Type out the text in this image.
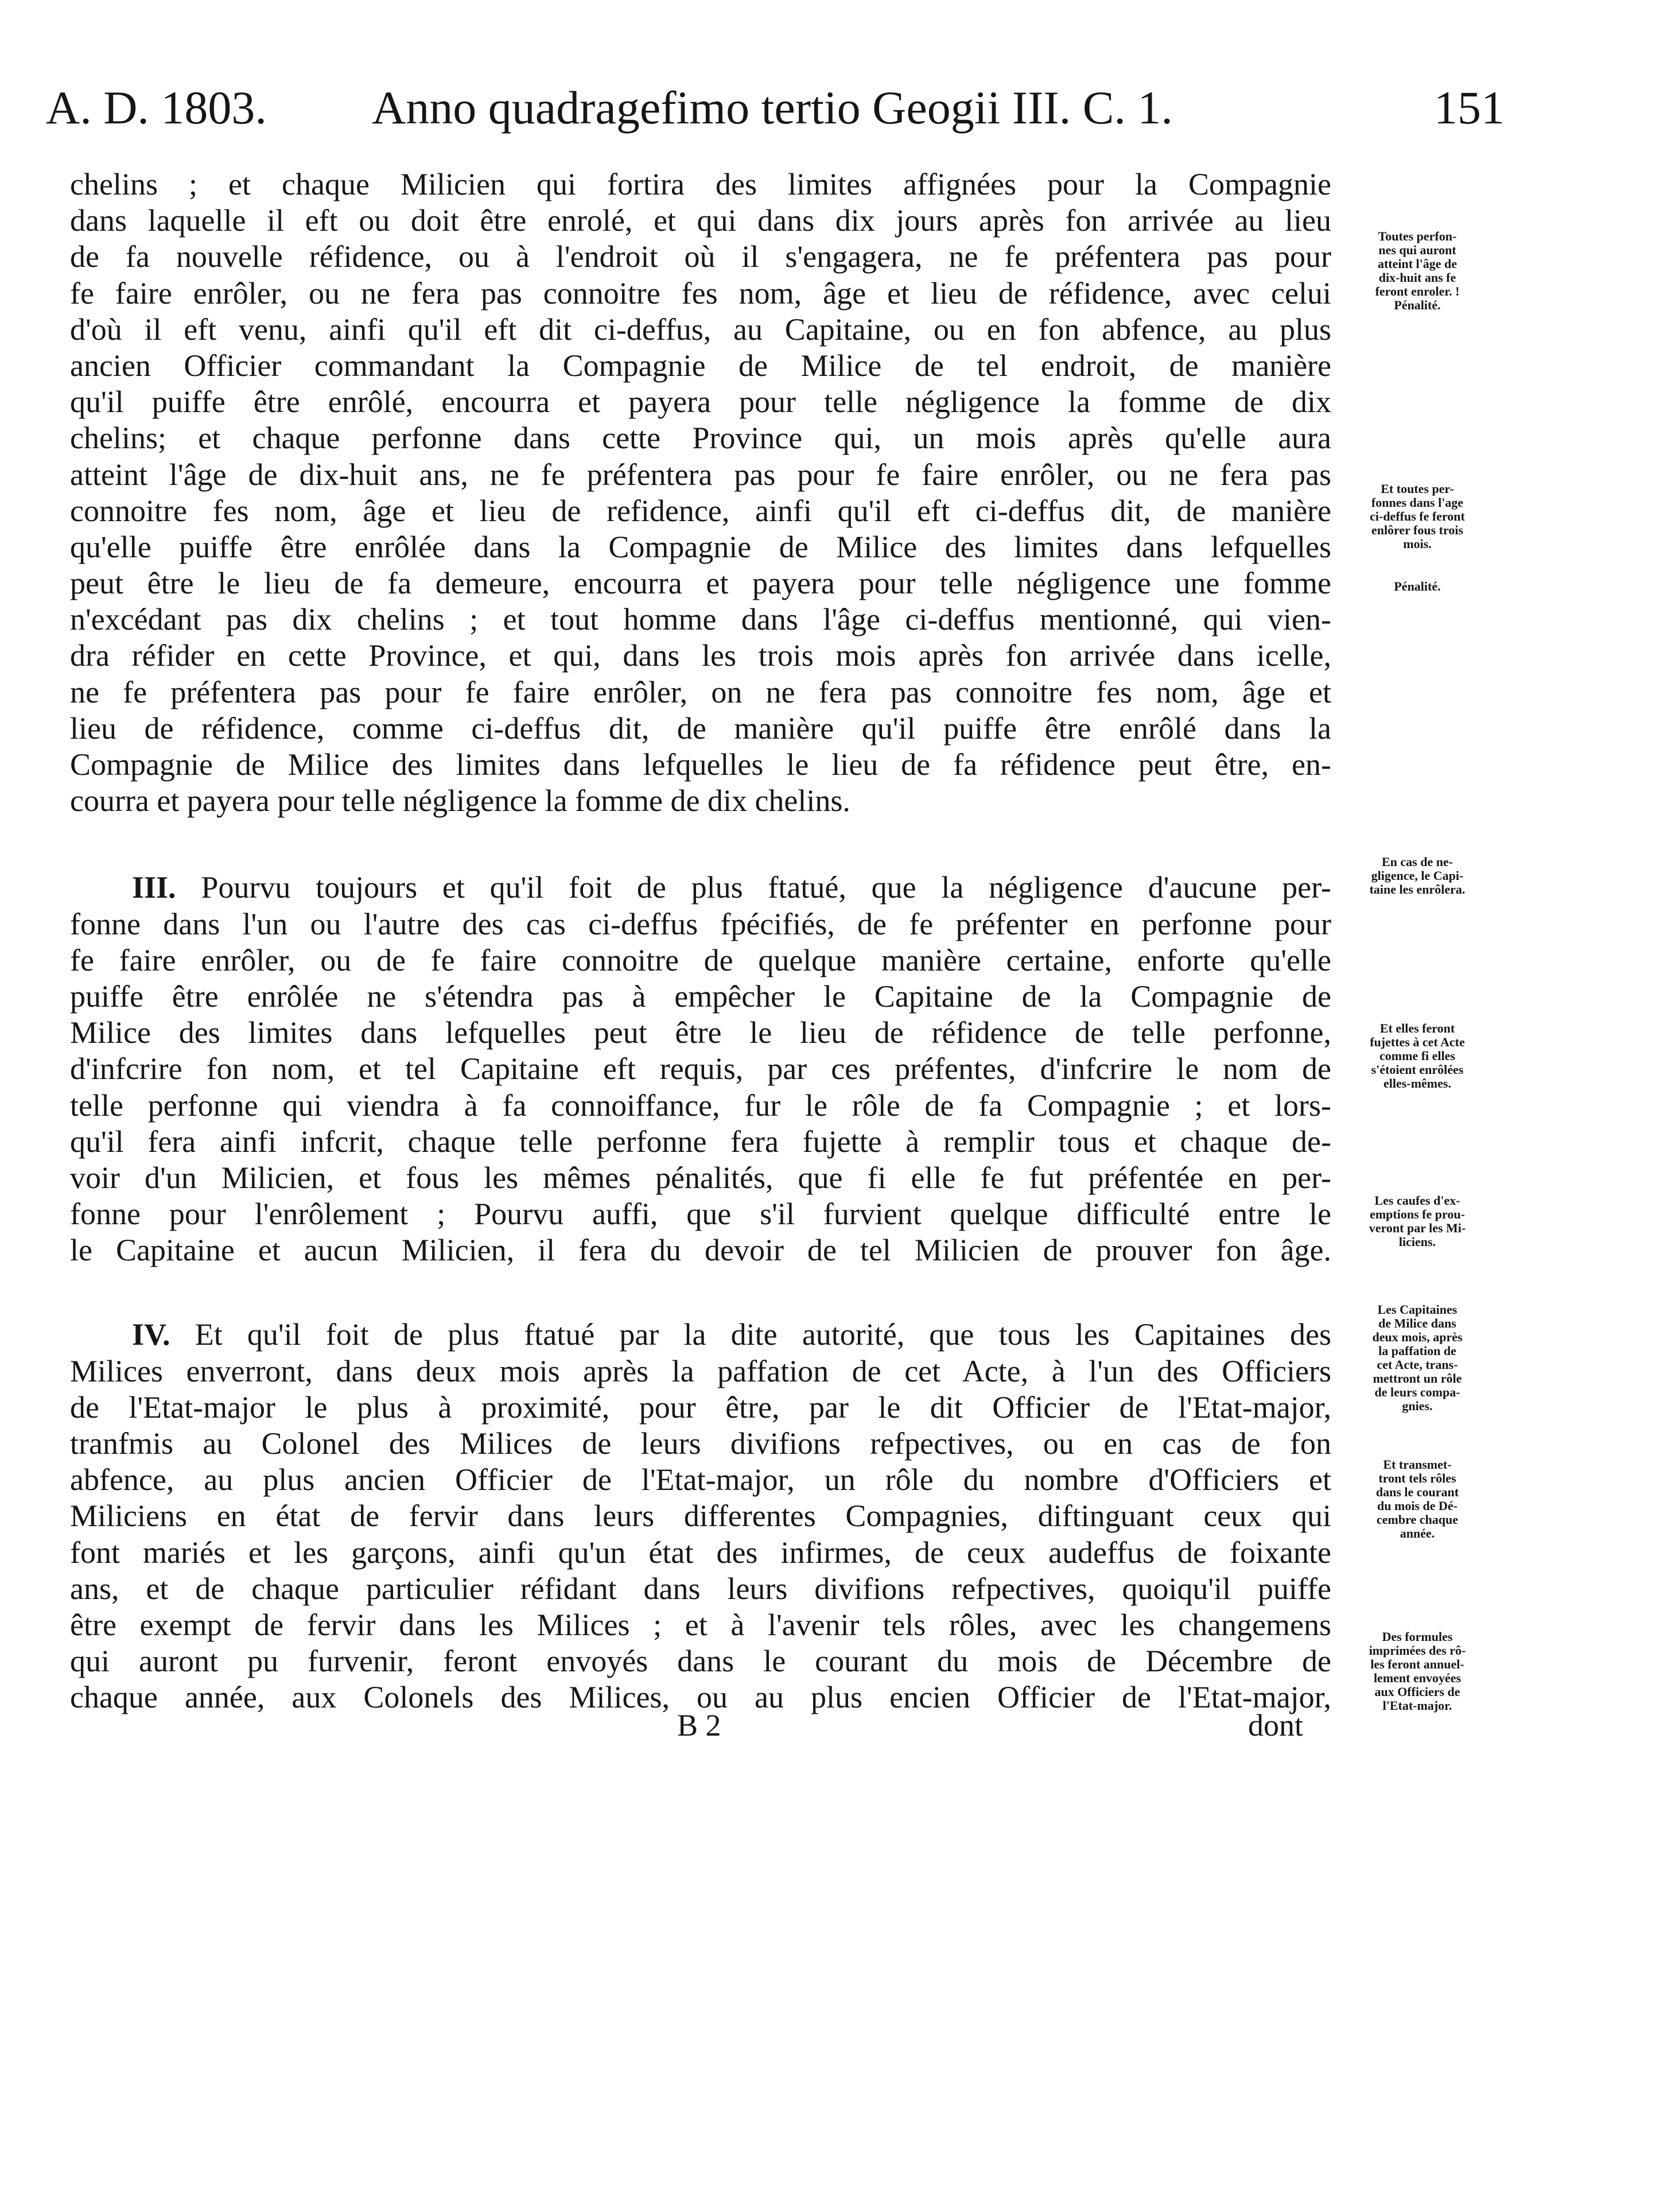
A. D. 1803. Anno quadragefimo tertio Geogii III. C. 1.	151
chelins ; et chaque Milicien qui fortira des limites affignées pour la Compagnie
dans laquelle il eft ou doit être enrolé, et qui dans dix jours après fon arrivée au lieu
de fa nouvelle réfidence, ou à l'endroit où il s'engagera, ne fe préfentera pas pour
fe faire enrôler, ou ne fera pas connoitre fes nom, âge et lieu de réfidence, avec celui
d'où il eft venu, ainfi qu'il eft dit ci-deffus, au Capitaine, ou en fon abfence, au plus
ancien Officier commandant la Compagnie de Milice de tel endroit, de manière
qu'il puiffe être enrôlé, encourra et payera pour telle négligence la fomme de dix
chelins; et chaque perfonne dans cette Province qui, un mois après qu'elle aura
atteint l'âge de dix-huit ans, ne fe préfentera pas pour fe faire enrôler, ou ne fera pas
connoitre fes nom, âge et lieu de refidence, ainfi qu'il eft ci-deffus dit, de manière
qu'elle puiffe être enrôlée dans la Compagnie de Milice des limites dans lefquelles
peut être le lieu de fa demeure, encourra et payera pour telle négligence une fomme
n'excédant pas dix chelins ; et tout homme dans l'âge ci-deffus mentionné, qui vien-
dra réfider en cette Province, et qui, dans les trois mois après fon arrivée dans icelle,
ne fe préfentera pas pour fe faire enrôler, on ne fera pas connoitre fes nom, âge et
lieu de réfidence, comme ci-deffus dit, de manière qu'il puiffe être enrôlé dans la
Compagnie de Milice des limites dans lefquelles le lieu de fa réfidence peut être, en-
courra et payera pour telle négligence la fomme de dix chelins.
  III. Pourvu toujours et qu'il foit de plus ftatué, que la négligence d'aucune per-
fonne dans l'un ou l'autre des cas ci-deffus fpécifiés, de fe préfenter en perfonne pour
fe faire enrôler, ou de fe faire connoitre de quelque manière certaine, enforte qu'elle
puiffe être enrôlée ne s'étendra pas à empêcher le Capitaine de la Compagnie de
Milice des limites dans lefquelles peut être le lieu de réfidence de telle perfonne,
d'infcrire fon nom, et tel Capitaine eft requis, par ces préfentes, d'infcrire le nom de
telle perfonne qui viendra à fa connoiffance, fur le rôle de fa Compagnie ; et lors-
qu'il fera ainfi infcrit, chaque telle perfonne fera fujette à remplir tous et chaque de-
voir d'un Milicien, et fous les mêmes pénalités, que fi elle fe fut préfentée en per-
fonne pour l'enrôlement ; Pourvu auffi, que s'il furvient quelque difficulté entre le
le Capitaine et aucun Milicien, il fera du devoir de tel Milicien de prouver fon âge.
  IV. Et qu'il foit de plus ftatué par la dite autorité, que tous les Capitaines des
Milices enverront, dans deux mois après la paffation de cet Acte, à l'un des Officiers
de l'Etat-major le plus à proximité, pour être, par le dit Officier de l'Etat-major,
tranfmis au Colonel des Milices de leurs divifions refpectives, ou en cas de fon
abfence, au plus ancien Officier de l'Etat-major, un rôle du nombre d'Officiers et
Miliciens en état de fervir dans leurs differentes Compagnies, diftinguant ceux qui
font mariés et les garçons, ainfi qu'un état des infirmes, de ceux audeffus de foixante
ans, et de chaque particulier réfidant dans leurs divifions refpectives, quoiqu'il puiffe
être exempt de fervir dans les Milices ; et à l'avenir tels rôles, avec les changemens
qui auront pu furvenir, feront envoyés dans le courant du mois de Décembre de
chaque année, aux Colonels des Milices, ou au plus encien Officier de l'Etat-major,
B 2	dont
Toutes perfon-
nes qui auront
atteint l'âge de
dix-huit ans fe
feront enroler. !
Pénalité.
Et toutes per-
fonnes dans l'age
ci-deffus fe feront
enlôrer fous trois
mois.
Pénalité.
En cas de ne-
gligence, le Capi-
taine les enrôlera.
Et elles feront
fujettes à cet Acte
comme fi elles
s'étoient enrôlées
elles-mêmes.
Les caufes d'ex-
emptions fe prou-
veront par les Mi-
liciens.
Les Capitaines
de Milice dans
deux mois, après
la paffation de
cet Acte, trans-
mettront un rôle
de leurs compa-
gnies.
Et transmet-
tront tels rôles
dans le courant
du mois de Dé-
cembre chaque
année.
Des formules
imprimées des rô-
les feront annuel-
lement envoyées
aux Officiers de
l'Etat-major.
